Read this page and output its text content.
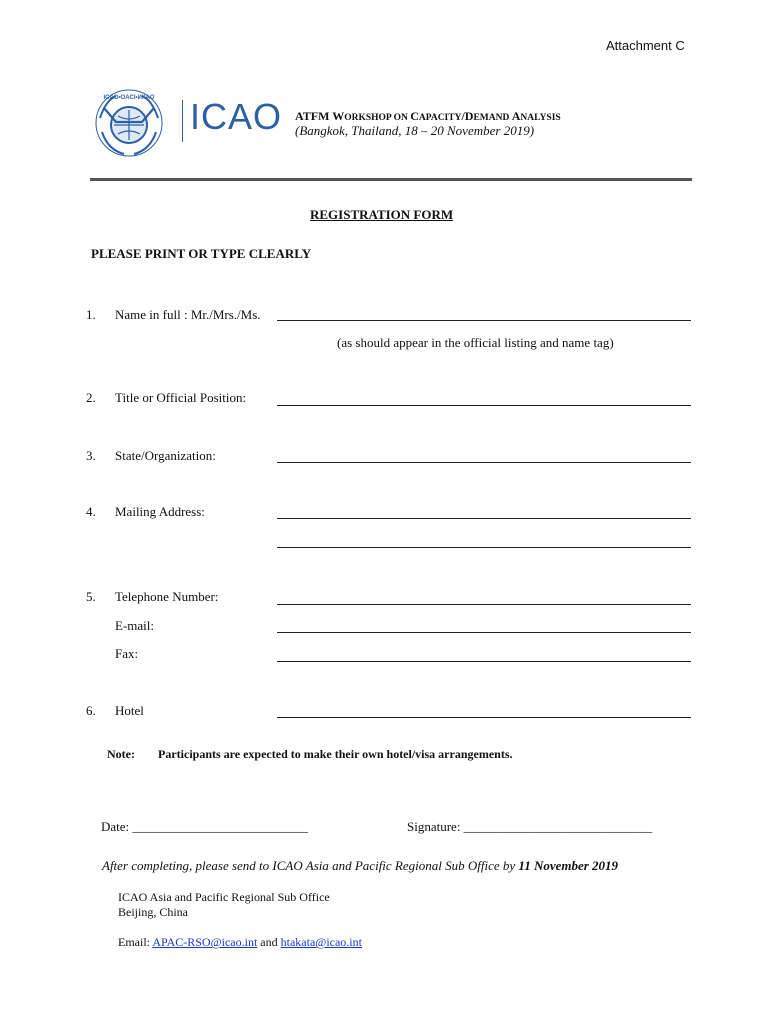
Attachment C
ICAO•OACI•ИКАО ICAO ATFM WORKSHOP ON CAPACITY/DEMAND ANALYSIS
(Bangkok, Thailand, 18 – 20 November 2019)
REGISTRATION FORM
PLEASE PRINT OR TYPE CLEARLY
1. Name in full : Mr./Mrs./Ms.
(as should appear in the official listing and name tag)
2. Title or Official Position:
3. State/Organization:
4. Mailing Address:
5. Telephone Number:
E-mail:
Fax:
6. Hotel
Note: Participants are expected to make their own hotel/visa arrangements.
Date: ___________________________	Signature: _____________________________
After completing, please send to ICAO Asia and Pacific Regional Sub Office by 11 November 2019
ICAO Asia and Pacific Regional Sub Office
Beijing, China
Email: APAC-RSO@icao.int and htakata@icao.int
